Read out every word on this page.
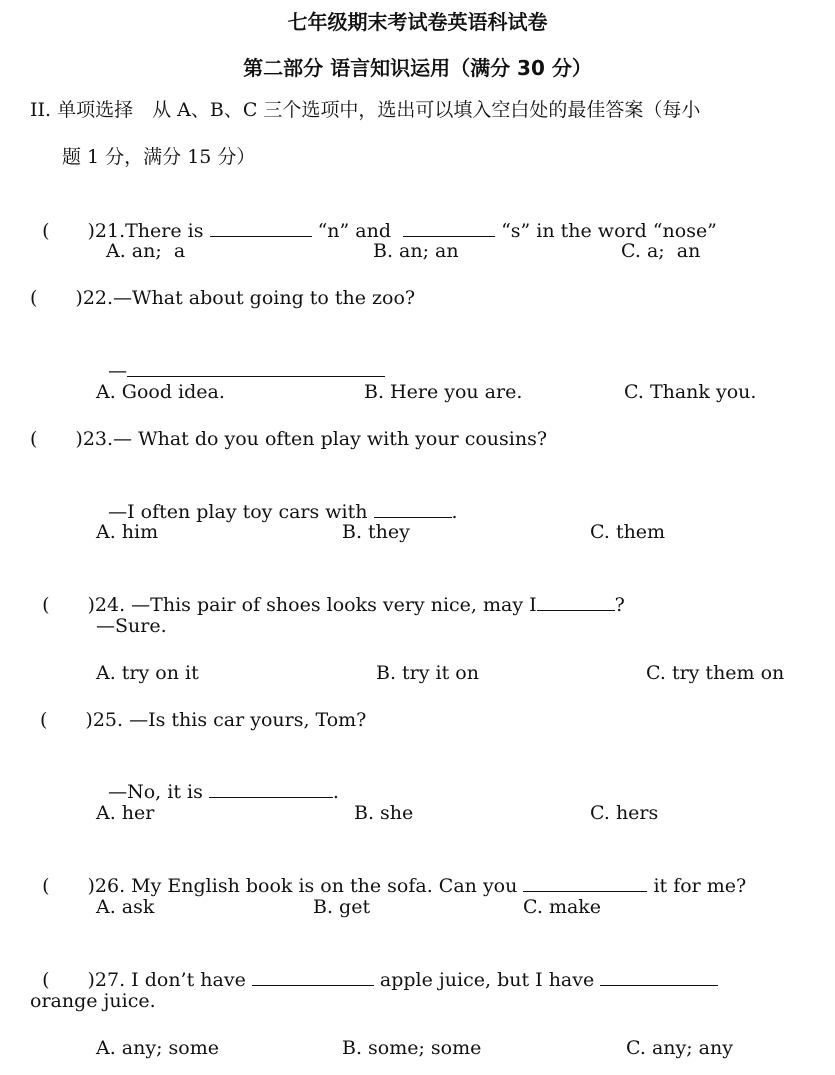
七年级期末考试卷英语科试卷
第二部分 语言知识运用（满分 30 分）
II. 单项选择　从 A、B、C 三个选项中，选出可以填入空白处的最佳答案（每小
题 1 分，满分 15 分）

(　　)21.There is	“n” and	“s” in the word “nose”

A. an;  a	B. an; an	C. a;  an
(　　)22.—What about going to the zoo?

—

A. Good idea.	B. Here you are.	C. Thank you.
(　　)23.— What do you often play with your cousins?

—I often play toy cars with	.

A. him	B. they	C. them

(　　)24. —This pair of shoes looks very nice, may I	?

—Sure.
A. try on it	B. try it on	C. try them on
(　　)25. —Is this car yours, Tom?

—No, it is	.

A. her	B. she	C. hers

(　　)26. My English book is on the sofa. Can you	it for me?

A. ask	B. get	C. make

(　　)27. I don’t have	apple juice, but I have

orange juice.
A. any; some	B. some; some	C. any; any
